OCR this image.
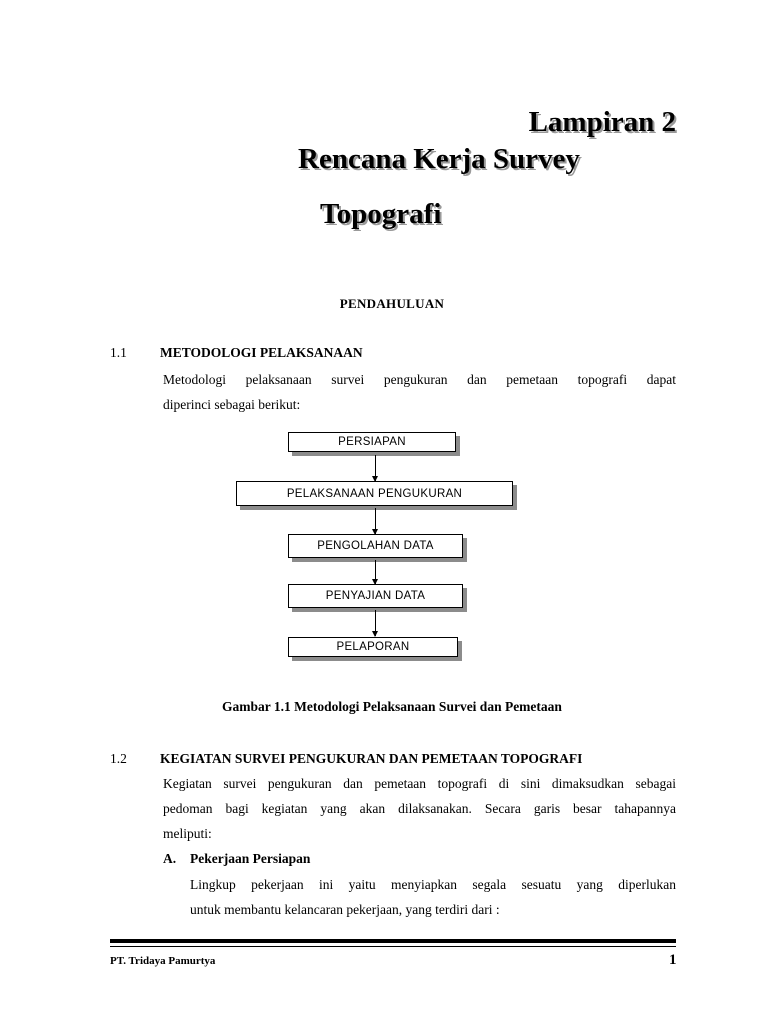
Lampiran 2
Rencana Kerja Survey
Topografi
PENDAHULUAN
1.1 METODOLOGI PELAKSANAAN
Metodologi pelaksanaan survei pengukuran dan pemetaan topografi dapat
diperinci sebagai berikut:
PERSIAPAN
PELAKSANAAN PENGUKURAN
PENGOLAHAN DATA
PENYAJIAN DATA
PELAPORAN
Gambar 1.1 Metodologi Pelaksanaan Survei dan Pemetaan
1.2 KEGIATAN SURVEI PENGUKURAN DAN PEMETAAN TOPOGRAFI
Kegiatan survei pengukuran dan pemetaan topografi di sini dimaksudkan sebagai
pedoman bagi kegiatan yang akan dilaksanakan. Secara garis besar tahapannya
meliputi:
A. Pekerjaan Persiapan
Lingkup pekerjaan ini yaitu menyiapkan segala sesuatu yang diperlukan
untuk membantu kelancaran pekerjaan, yang terdiri dari :
PT. Tridaya Pamurtya	1
